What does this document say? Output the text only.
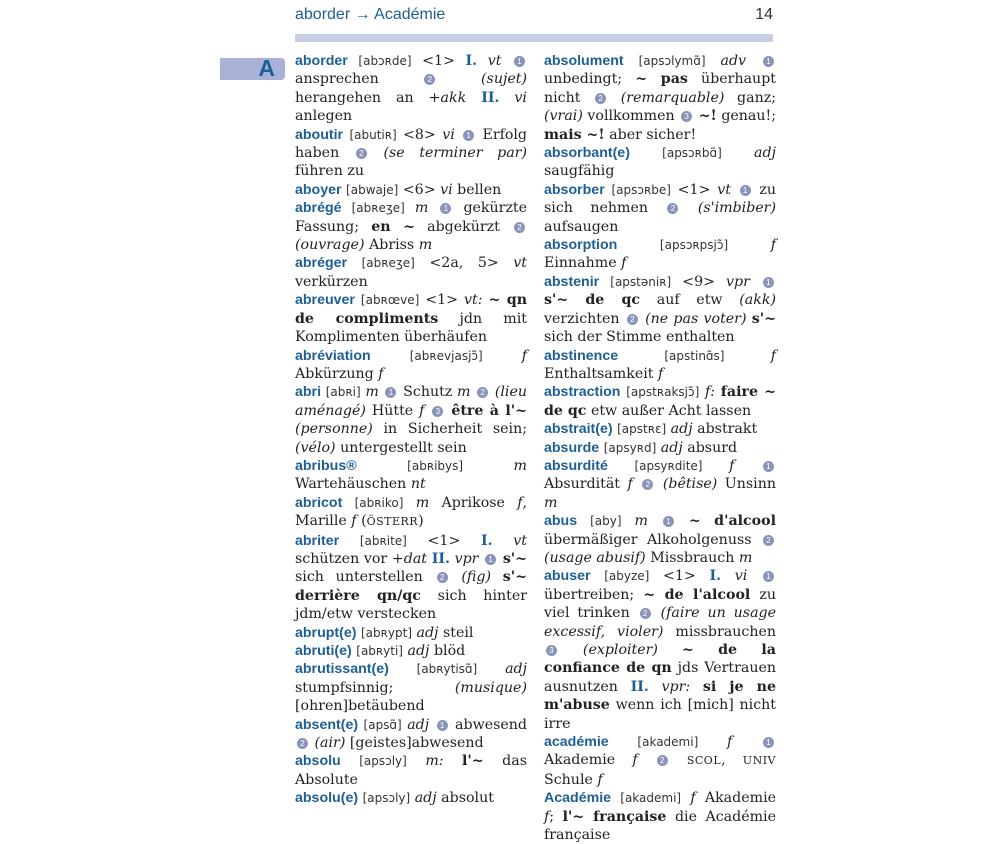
aborder → Académie	14
A aborder [abɔʀde] <1> I. vt 1 ansprechen 2	(sujet) herangehen an +akk II. vi anlegen
aboutir [abutiʀ] <8> vi 1 Erfolg haben 2 (se terminer par) führen zu
aboyer [abwaje] <6> vi bellen
abrégé [abʀeʒe] m 1 gekürzte Fassung; en ~ abgekürzt 2 (ouvrage) Abriss m
abréger [abʀeʒe] <2a, 5> vt verkürzen
abreuver [abʀœve] <1> vt: ~ qn de compliments jdn mit Komplimenten überhäufen
abréviation	[abʀevjasjɔ̃]	f Abkürzung f
abri [abʀi] m 1 Schutz m 2 (lieu aménagé) Hütte f 3 être à l'~ (personne) in Sicherheit sein; (vélo) untergestellt sein
abribus®	[abʀibys]	m Wartehäuschen nt
abricot [abʀiko] m Aprikose f, Marille f (ÖSTERR)
abriter [abʀite] <1> I. vt schützen vor +dat II. vpr 1 s'~ sich unterstellen 2 (fig) s'~ derrière qn/qc sich hinter jdm/etw verstecken
abrupt(e) [abʀypt] adj steil
abruti(e) [abʀyti] adj blöd
abrutissant(e) [abʀytisɑ̃] adj stumpfsinnig; (musique) [ohren]betäubend
absent(e) [apsɑ̃] adj 1 abwesend 2 (air) [geistes]abwesend
absolu [apsɔly] m: l'~ das Absolute
absolu(e) [apsɔly] adj absolut
absolument [apsɔlymɑ̃] adv	1 unbedingt; ~ pas überhaupt nicht 2 (remarquable) ganz; (vrai) vollkommen 3 ~! genau!; mais ~! aber sicher!
absorbant(e)	[apsɔʀbɑ̃] adj saugfähig
absorber [apsɔʀbe] <1> vt 1 zu sich nehmen 2 (s'imbiber) aufsaugen
absorption	[apsɔʀpsjɔ̃]	f Einnahme f
abstenir [apstəniʀ] <9> vpr 1 s'~ de qc auf etw (akk) verzichten 2 (ne pas voter) s'~ sich der Stimme enthalten
abstinence	[apstinɑ̃s]	f Enthaltsamkeit f
abstraction [apstʀaksjɔ̃] f: faire ~ de qc etw außer Acht lassen
abstrait(e) [apstʀɛ] adj abstrakt
absurde [apsyʀd] adj absurd
absurdité [apsyʀdite] f	1 Absurdität f 2 (bêtise) Unsinn m
abus [aby] m 1 ~ d'alcool übermäßiger Alkoholgenuss 2 (usage abusif) Missbrauch m
abuser [abyze] <1> I. vi 1 übertreiben; ~ de l'alcool zu viel trinken 2 (faire un usage excessif, violer) missbrauchen 3 (exploiter) ~ de la confiance de qn jds Vertrauen ausnutzen II. vpr: si je ne m'abuse wenn ich [mich] nicht irre
académie [akademi] f	1 Akademie f	2 SCOL, UNIV Schule f
Académie [akademi] f Akademie f; l'~ française die Académie française
